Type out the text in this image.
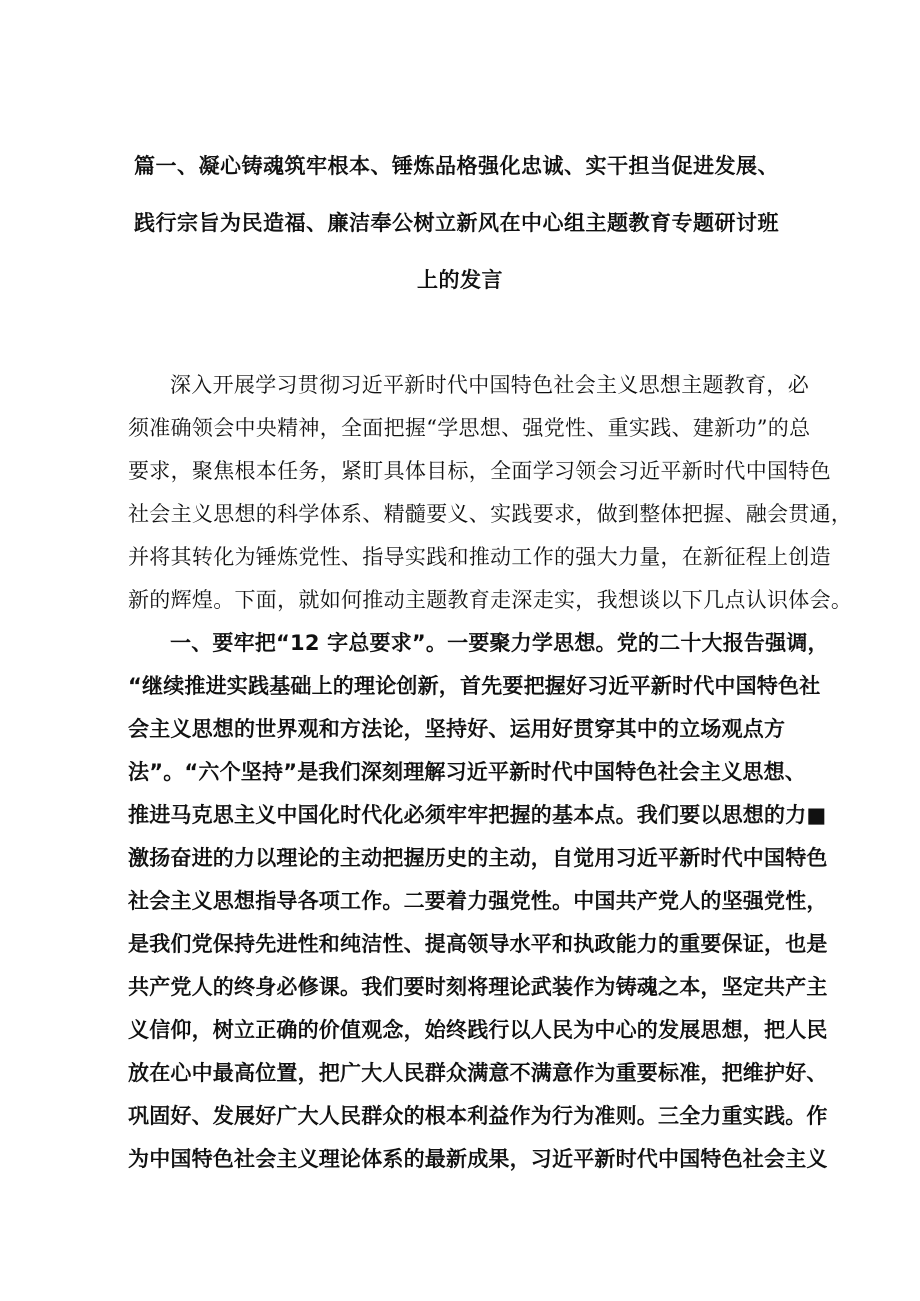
篇一、凝心铸魂筑牢根本、锤炼品格强化忠诚、实干担当促进发展、
践行宗旨为民造福、廉洁奉公树立新风在中心组主题教育专题研讨班
上的发言
深入开展学习贯彻习近平新时代中国特色社会主义思想主题教育，必
须准确领会中央精神，全面把握“学思想、强党性、重实践、建新功”的总
要求，聚焦根本任务，紧盯具体目标，全面学习领会习近平新时代中国特色
社会主义思想的科学体系、精髓要义、实践要求，做到整体把握、融会贯通，
并将其转化为锤炼党性、指导实践和推动工作的强大力量，在新征程上创造
新的辉煌。下面，就如何推动主题教育走深走实，我想谈以下几点认识体会。
一、要牢把“12 字总要求”。一要聚力学思想。党的二十大报告强调，
“继续推进实践基础上的理论创新，首先要把握好习近平新时代中国特色社
会主义思想的世界观和方法论，坚持好、运用好贯穿其中的立场观点方
法”。“六个坚持”是我们深刻理解习近平新时代中国特色社会主义思想、
推进马克思主义中国化时代化必须牢牢把握的基本点。我们要以思想的力■
激扬奋进的力以理论的主动把握历史的主动，自觉用习近平新时代中国特色
社会主义思想指导各项工作。二要着力强党性。中国共产党人的坚强党性，
是我们党保持先进性和纯洁性、提高领导水平和执政能力的重要保证，也是
共产党人的终身必修课。我们要时刻将理论武装作为铸魂之本，坚定共产主
义信仰，树立正确的价值观念，始终践行以人民为中心的发展思想，把人民
放在心中最高位置，把广大人民群众满意不满意作为重要标准，把维护好、
巩固好、发展好广大人民群众的根本利益作为行为准则。三全力重实践。作
为中国特色社会主义理论体系的最新成果，习近平新时代中国特色社会主义
